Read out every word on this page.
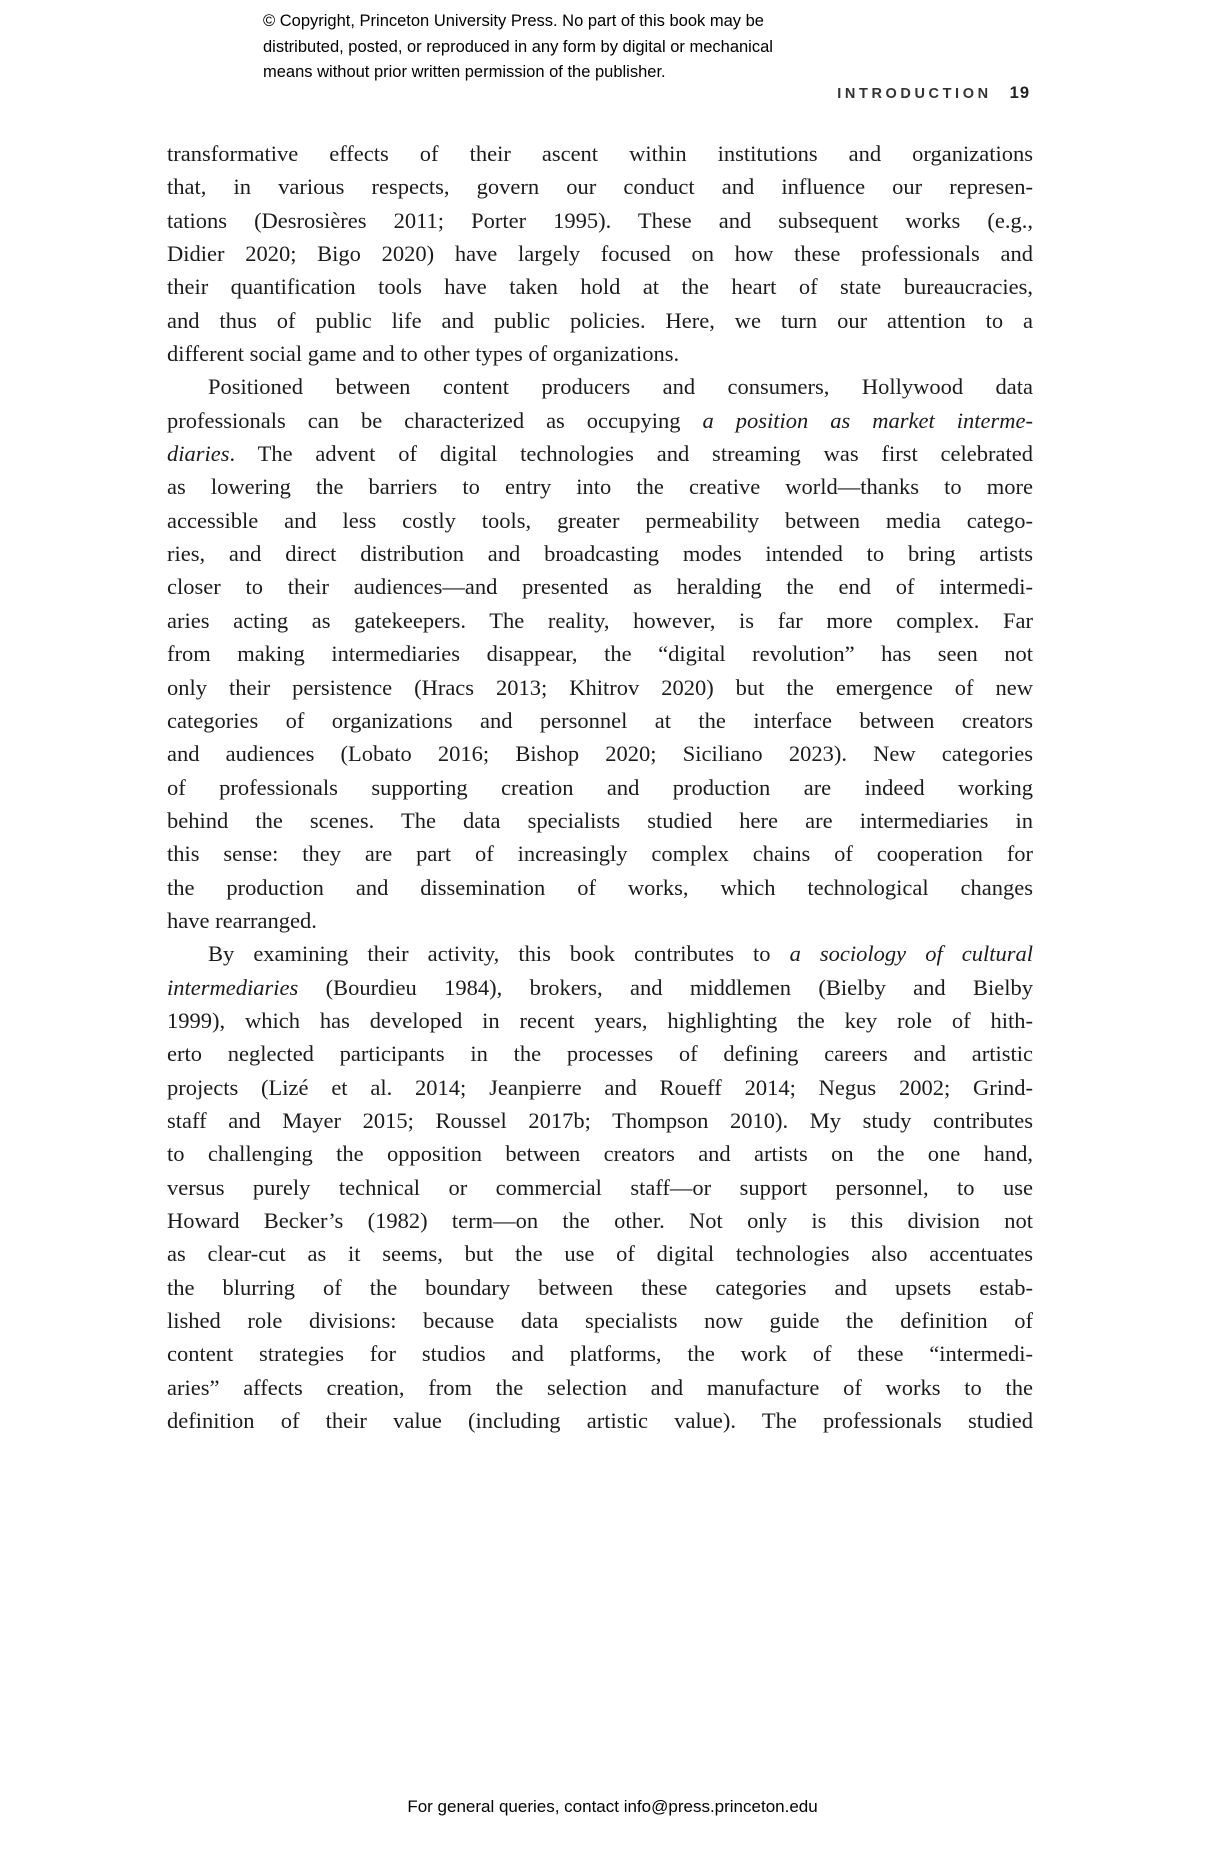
© Copyright, Princeton University Press. No part of this book may be
distributed, posted, or reproduced in any form by digital or mechanical
means without prior written permission of the publisher.
INTRODUCTION 19
transformative effects of their ascent within institutions and organizations
that, in various respects, govern our conduct and influence our represen-
tations (Desrosières 2011; Porter 1995). These and subsequent works (e.g.,
Didier 2020; Bigo 2020) have largely focused on how these professionals and
their quantification tools have taken hold at the heart of state bureaucracies,
and thus of public life and public policies. Here, we turn our attention to a
different social game and to other types of organizations.
Positioned between content producers and consumers, Hollywood data
professionals can be characterized as occupying a position as market interme-
diaries. The advent of digital technologies and streaming was first celebrated
as lowering the barriers to entry into the creative world—thanks to more
accessible and less costly tools, greater permeability between media catego-
ries, and direct distribution and broadcasting modes intended to bring artists
closer to their audiences—and presented as heralding the end of intermedi-
aries acting as gatekeepers. The reality, however, is far more complex. Far
from making intermediaries disappear, the “digital revolution” has seen not
only their persistence (Hracs 2013; Khitrov 2020) but the emergence of new
categories of organizations and personnel at the interface between creators
and audiences (Lobato 2016; Bishop 2020; Siciliano 2023). New categories
of professionals supporting creation and production are indeed working
behind the scenes. The data specialists studied here are intermediaries in
this sense: they are part of increasingly complex chains of cooperation for
the production and dissemination of works, which technological changes
have rearranged.
By examining their activity, this book contributes to a sociology of cultural
intermediaries (Bourdieu 1984), brokers, and middlemen (Bielby and Bielby
1999), which has developed in recent years, highlighting the key role of hith-
erto neglected participants in the processes of defining careers and artistic
projects (Lizé et al. 2014; Jeanpierre and Roueff 2014; Negus 2002; Grind-
staff and Mayer 2015; Roussel 2017b; Thompson 2010). My study contributes
to challenging the opposition between creators and artists on the one hand,
versus purely technical or commercial staff—or support personnel, to use
Howard Becker’s (1982) term—on the other. Not only is this division not
as clear-cut as it seems, but the use of digital technologies also accentuates
the blurring of the boundary between these categories and upsets estab-
lished role divisions: because data specialists now guide the definition of
content strategies for studios and platforms, the work of these “intermedi-
aries” affects creation, from the selection and manufacture of works to the
definition of their value (including artistic value). The professionals studied
For general queries, contact info@press.princeton.edu
